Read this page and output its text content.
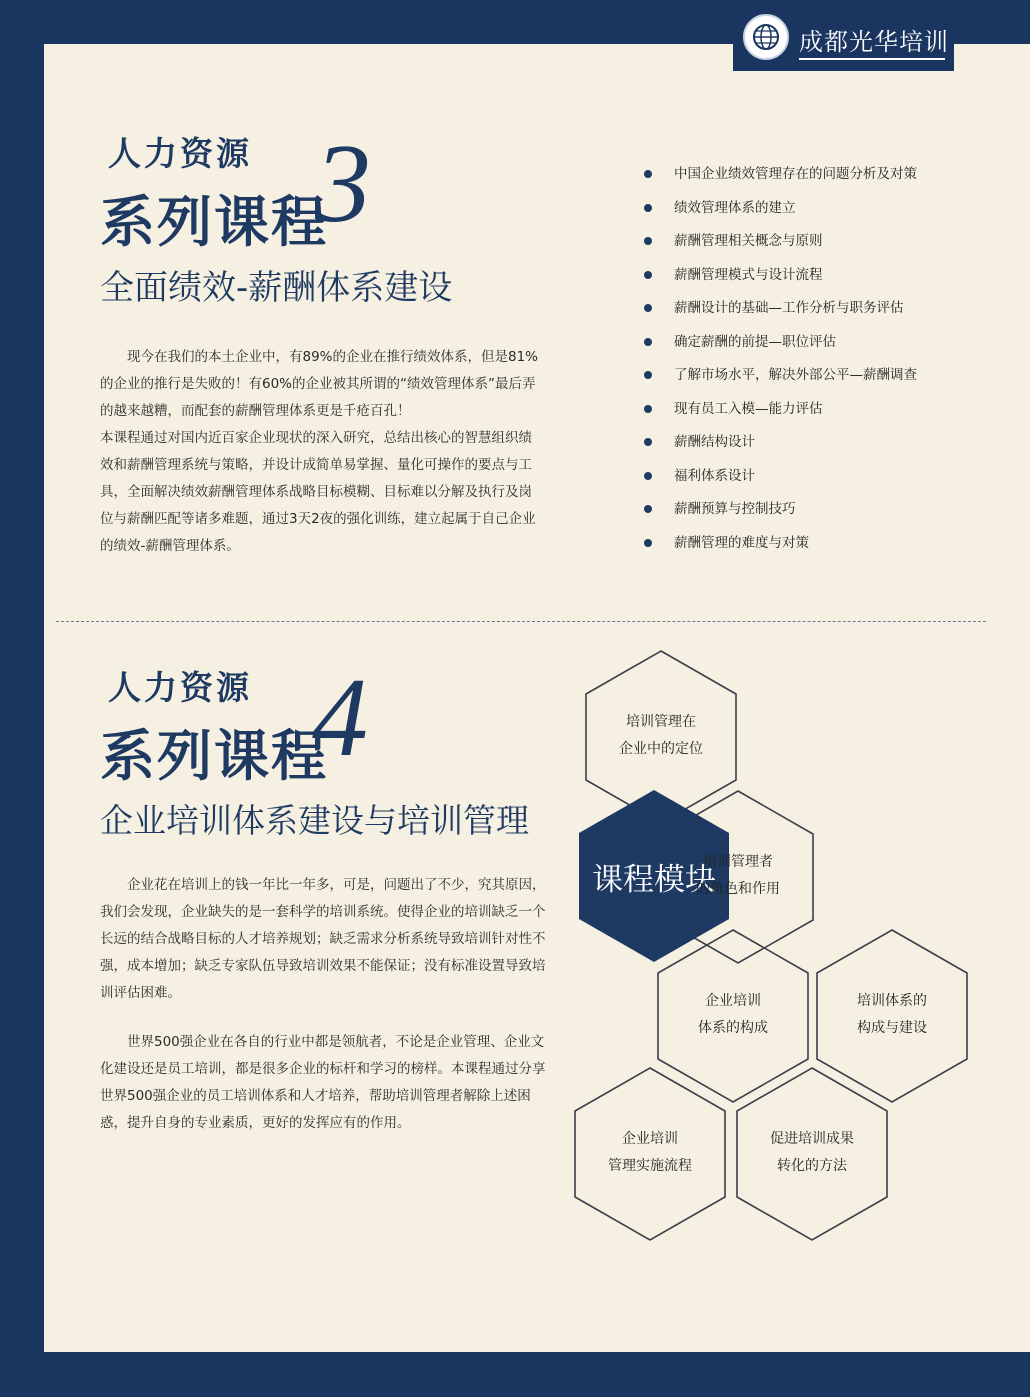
成都光华培训
人力资源
系列课程
3
全面绩效-薪酬体系建设

现今在我们的本土企业中，有89%的企业在推行绩效体系，但是81%的企业的推行是失败的！有60%的企业被其所谓的“绩效管理体系”最后弄的越来越糟，而配套的薪酬管理体系更是千疮百孔！

本课程通过对国内近百家企业现状的深入研究，总结出核心的智慧组织绩效和薪酬管理系统与策略，并设计成简单易掌握、量化可操作的要点与工具，全面解决绩效薪酬管理体系战略目标模糊、目标难以分解及执行及岗位与薪酬匹配等诸多难题，通过3天2夜的强化训练，建立起属于自己企业的绩效-薪酬管理体系。

中国企业绩效管理存在的问题分析及对策
绩效管理体系的建立
薪酬管理相关概念与原则
薪酬管理模式与设计流程
薪酬设计的基础—工作分析与职务评估
确定薪酬的前提—职位评估
了解市场水平，解决外部公平—薪酬调查
现有员工入模—能力评估
薪酬结构设计
福利体系设计
薪酬预算与控制技巧
薪酬管理的难度与对策
人力资源
系列课程
4
企业培训体系建设与培训管理

企业花在培训上的钱一年比一年多，可是，问题出了不少，究其原因，我们会发现，企业缺失的是一套科学的培训系统。使得企业的培训缺乏一个长远的结合战略目标的人才培养规划；缺乏需求分析系统导致培训针对性不强，成本增加；缺乏专家队伍导致培训效果不能保证；没有标准设置导致培训评估困难。

世界500强企业在各自的行业中都是领航者，不论是企业管理、企业文化建设还是员工培训，都是很多企业的标杆和学习的榜样。本课程通过分享世界500强企业的员工培训体系和人才培养，帮助培训管理者解除上述困惑，提升自身的专业素质，更好的发挥应有的作用。

课程模块
培训管理在
企业中的定位
培训管理者
的角色和作用
企业培训
体系的构成
培训体系的
构成与建设
企业培训
管理实施流程
促进培训成果
转化的方法
